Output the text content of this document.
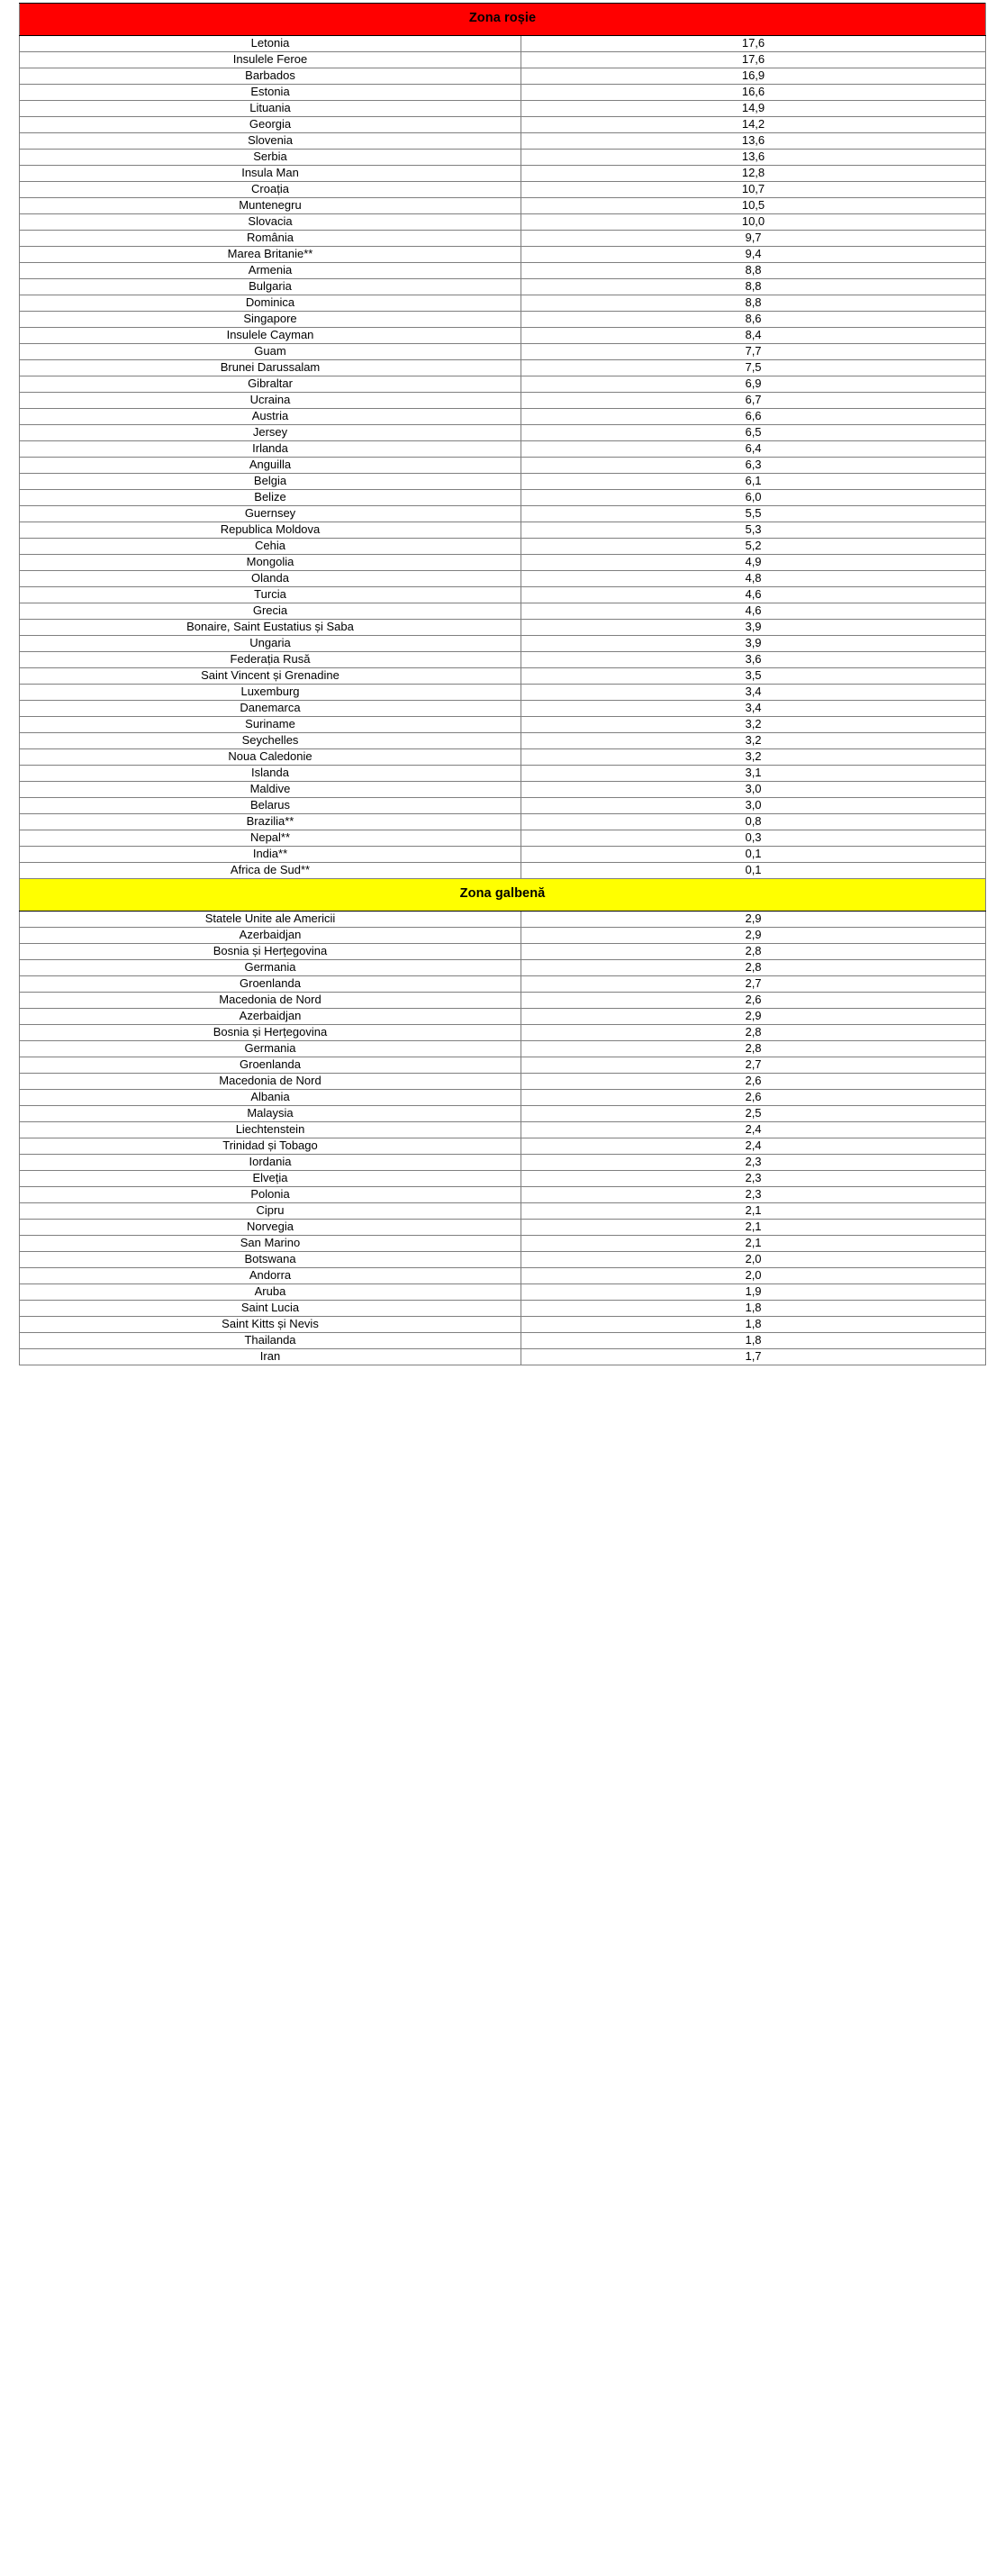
Zona roșie	
Letonia	17,6
Insulele Feroe	17,6
Barbados	16,9
Estonia	16,6
Lituania	14,9
Georgia	14,2
Slovenia	13,6
Serbia	13,6
Insula Man	12,8
Croația	10,7
Muntenegru	10,5
Slovacia	10,0
România	9,7
Marea Britanie**	9,4
Armenia	8,8
Bulgaria	8,8
Dominica	8,8
Singapore	8,6
Insulele Cayman	8,4
Guam	7,7
Brunei Darussalam	7,5
Gibraltar	6,9
Ucraina	6,7
Austria	6,6
Jersey	6,5
Irlanda	6,4
Anguilla	6,3
Belgia	6,1
Belize	6,0
Guernsey	5,5
Republica Moldova	5,3
Cehia	5,2
Mongolia	4,9
Olanda	4,8
Turcia	4,6
Grecia	4,6
Bonaire, Saint Eustatius și Saba	3,9
Ungaria	3,9
Federația Rusă	3,6
Saint Vincent și Grenadine	3,5
Luxemburg	3,4
Danemarca	3,4
Suriname	3,2
Seychelles	3,2
Noua Caledonie	3,2
Islanda	3,1
Maldive	3,0
Belarus	3,0
Brazilia**	0,8
Nepal**	0,3
India**	0,1
Africa de Sud**	0,1
Zona galbenă	
Statele Unite ale Americii	2,9
Azerbaidjan	2,9
Bosnia și Herțegovina	2,8
Germania	2,8
Groenlanda	2,7
Macedonia de Nord	2,6
Azerbaidjan	2,9
Bosnia și Herțegovina	2,8
Germania	2,8
Groenlanda	2,7
Macedonia de Nord	2,6
Albania	2,6
Malaysia	2,5
Liechtenstein	2,4
Trinidad și Tobago	2,4
Iordania	2,3
Elveția	2,3
Polonia	2,3
Cipru	2,1
Norvegia	2,1
San Marino	2,1
Botswana	2,0
Andorra	2,0
Aruba	1,9
Saint Lucia	1,8
Saint Kitts și Nevis	1,8
Thailanda	1,8
Iran	1,7
